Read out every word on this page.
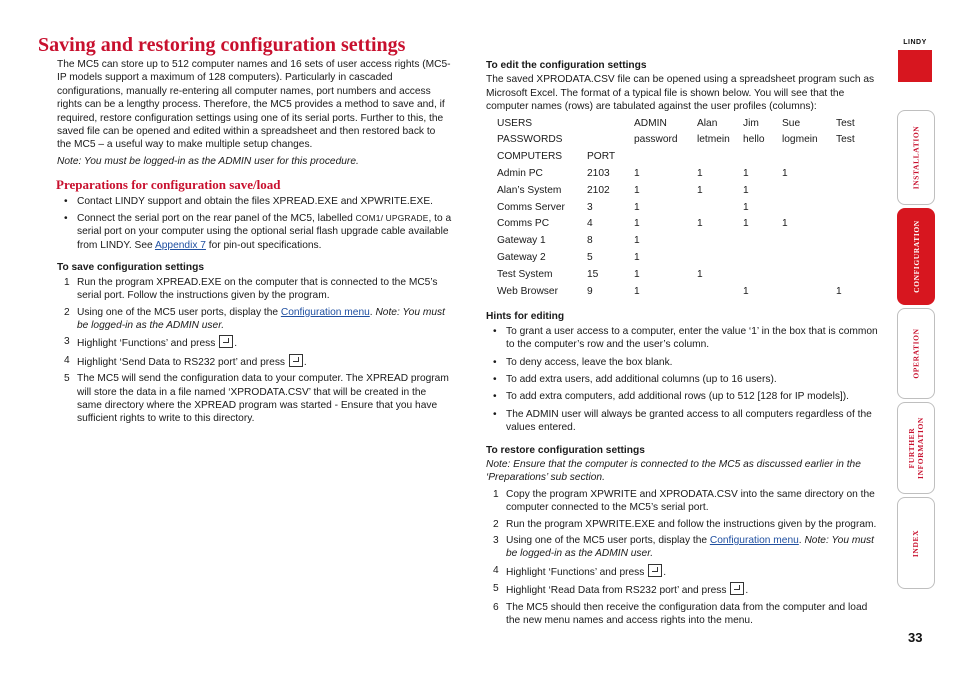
Saving and restoring configuration settings

The MC5 can store up to 512 computer names and 16 sets of user access rights (MC5-IP models support a maximum of 128 computers). Particularly in cascaded configurations, manually re-entering all computer names, port numbers and access rights can be a lengthy process. Therefore, the MC5 provides a method to save and, if required, restore configuration settings using one of its serial ports. Further to this, the saved file can be opened and edited within a spreadsheet and then restored back to the MC5 – a useful way to make multiple setup changes.

Note: You must be logged-in as the ADMIN user for this procedure.

Preparations for configuration save/load
• Contact LINDY support and obtain the files XPREAD.EXE and XPWRITE.EXE.
• Connect the serial port on the rear panel of the MC5, labelled COM1/ UPGRADE, to a serial port on your computer using the optional serial flash upgrade cable available from LINDY. See Appendix 7 for pin-out specifications.
To save configuration settings
1 Run the program XPREAD.EXE on the computer that is connected to the MC5’s serial port. Follow the instructions given by the program.
2 Using one of the MC5 user ports, display the Configuration menu. Note: You must be logged-in as the ADMIN user.
3 Highlight ‘Functions’ and press .
4 Highlight ‘Send Data to RS232 port’ and press .
5 The MC5 will send the configuration data to your computer. The XPREAD program will store the data in a file named ‘XPRODATA.CSV’ that will be created in the same directory where the XPREAD program was started - Ensure that you have sufficient rights to write to this directory.
To edit the configuration settings

The saved XPRODATA.CSV file can be opened using a spreadsheet program such as Microsoft Excel. The format of a typical file is shown below. You will see that the computer names (rows) are tabulated against the user profiles (columns):

USERS		ADMIN	Alan	Jim	Sue	Test
PASSWORDS		password	letmein	hello	logmein	Test
COMPUTERS	PORT					
Admin PC	2103	1	1	1	1	
Alan’s System	2102	1	1	1		
Comms Server	3	1		1		
Comms PC	4	1	1	1	1	
Gateway 1	8	1				
Gateway 2	5	1				
Test System	15	1	1			
Web Browser	9	1		1		1
Hints for editing
• To grant a user access to a computer, enter the value ‘1’ in the box that is common to the computer’s row and the user’s column.
• To deny access, leave the box blank.
• To add extra users, add additional columns (up to 16 users).
• To add extra computers, add additional rows (up to 512 [128 for IP models]).
• The ADMIN user will always be granted access to all computers regardless of the values entered.
To restore configuration settings

Note: Ensure that the computer is connected to the MC5 as discussed earlier in the ‘Preparations’ sub section.

1 Copy the program XPWRITE and XPRODATA.CSV into the same directory on the computer connected to the MC5’s serial port.
2 Run the program XPWRITE.EXE and follow the instructions given by the program.
3 Using one of the MC5 user ports, display the Configuration menu. Note: You must be logged-in as the ADMIN user.
4 Highlight ‘Functions’ and press .
5 Highlight ‘Read Data from RS232 port’ and press .
6 The MC5 should then receive the configuration data from the computer and load the new menu names and access rights into the menu.
LINDY
INSTALLATION
CONFIGURATION
OPERATION
FURTHER INFORMATION
INDEX
33
